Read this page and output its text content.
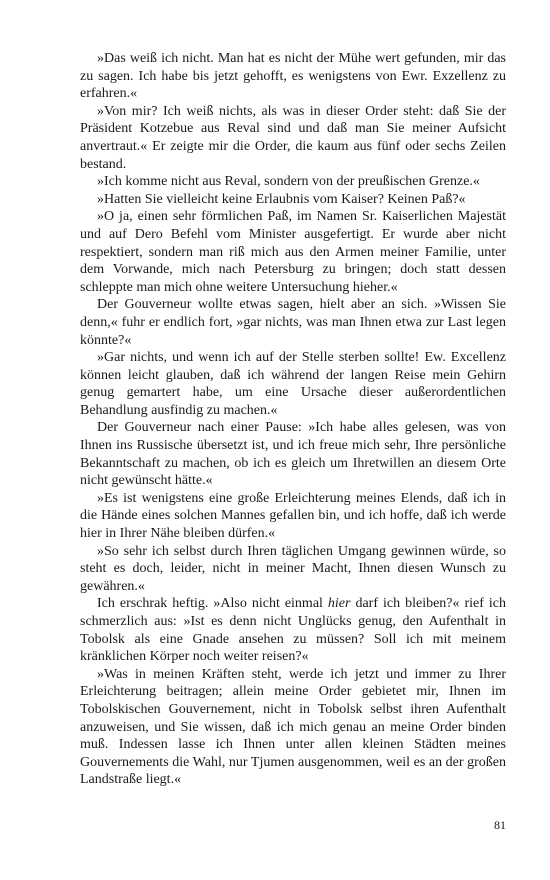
»Das weiß ich nicht. Man hat es nicht der Mühe wert gefunden, mir das zu sagen. Ich habe bis jetzt gehofft, es wenigstens von Ewr. Exzellenz zu erfahren.«

»Von mir? Ich weiß nichts, als was in dieser Order steht: daß Sie der Präsident Kotzebue aus Reval sind und daß man Sie meiner Aufsicht anvertraut.« Er zeigte mir die Order, die kaum aus fünf oder sechs Zeilen bestand.

»Ich komme nicht aus Reval, sondern von der preußischen Grenze.«

»Hatten Sie vielleicht keine Erlaubnis vom Kaiser? Keinen Paß?«

»O ja, einen sehr förmlichen Paß, im Namen Sr. Kaiserlichen Majestät und auf Dero Befehl vom Minister ausgefertigt. Er wurde aber nicht respektiert, sondern man riß mich aus den Armen meiner Familie, unter dem Vorwande, mich nach Petersburg zu bringen; doch statt dessen schleppte man mich ohne weitere Untersuchung hieher.«

Der Gouverneur wollte etwas sagen, hielt aber an sich. »Wissen Sie denn,« fuhr er endlich fort, »gar nichts, was man Ihnen etwa zur Last legen könnte?«

»Gar nichts, und wenn ich auf der Stelle sterben sollte! Ew. Excellenz können leicht glauben, daß ich während der langen Reise mein Gehirn genug gemartert habe, um eine Ursache dieser außerordentlichen Behandlung ausfindig zu machen.«

Der Gouverneur nach einer Pause: »Ich habe alles gelesen, was von Ihnen ins Russische übersetzt ist, und ich freue mich sehr, Ihre persönliche Bekanntschaft zu machen, ob ich es gleich um Ihretwillen an diesem Orte nicht gewünscht hätte.«

»Es ist wenigstens eine große Erleichterung meines Elends, daß ich in die Hände eines solchen Mannes gefallen bin, und ich hoffe, daß ich werde hier in Ihrer Nähe bleiben dürfen.«

»So sehr ich selbst durch Ihren täglichen Umgang gewinnen würde, so steht es doch, leider, nicht in meiner Macht, Ihnen diesen Wunsch zu gewähren.«

Ich erschrak heftig. »Also nicht einmal hier darf ich bleiben?« rief ich schmerzlich aus: »Ist es denn nicht Unglücks genug, den Aufenthalt in Tobolsk als eine Gnade ansehen zu müssen? Soll ich mit meinem kränklichen Körper noch weiter reisen?«

»Was in meinen Kräften steht, werde ich jetzt und immer zu Ihrer Erleichterung beitragen; allein meine Order gebietet mir, Ihnen im Tobolskischen Gouvernement, nicht in Tobolsk selbst ihren Aufenthalt anzuweisen, und Sie wissen, daß ich mich genau an meine Order binden muß. Indessen lasse ich Ihnen unter allen kleinen Städten meines Gouvernements die Wahl, nur Tjumen ausgenommen, weil es an der großen Landstraße liegt.«

81
